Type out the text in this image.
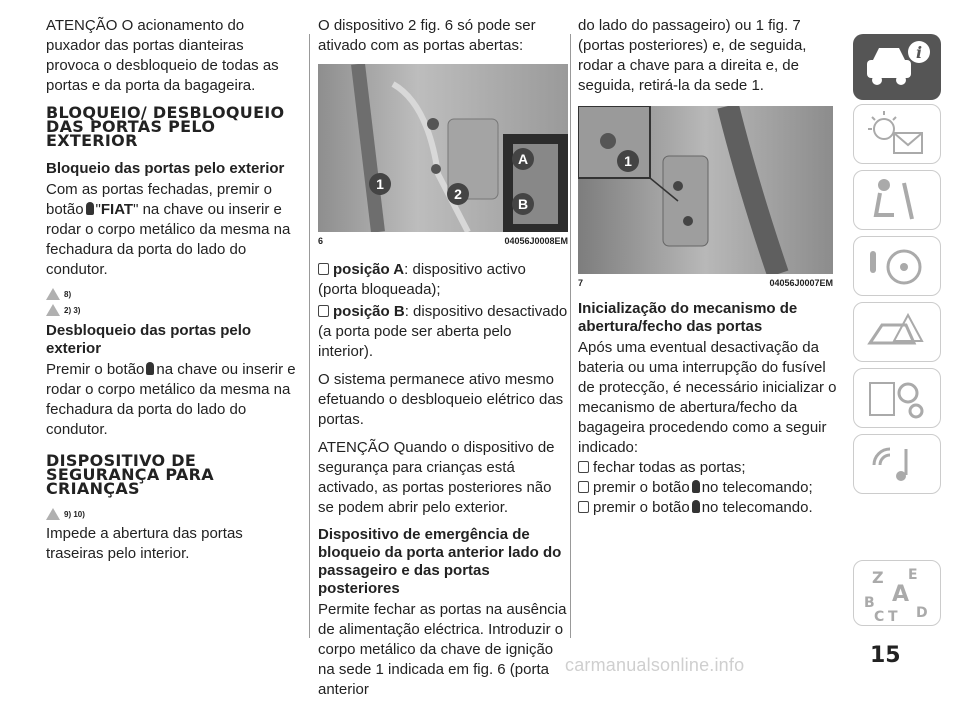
ATENÇÃO O acionamento do puxador das portas dianteiras provoca o desbloqueio de todas as portas e da porta da bagageira.

BLOQUEIO/ DESBLOQUEIO DAS PORTAS PELO EXTERIOR
Bloqueio das portas pelo exterior

Com as portas fechadas, premir o botão "FIAT" na chave ou inserir e rodar o corpo metálico da mesma na fechadura da porta do lado do condutor.

8)
2) 3)
Desbloqueio das portas pelo exterior

Premir o botão na chave ou inserir e rodar o corpo metálico da mesma na fechadura da porta do lado do condutor.

DISPOSITIVO DE SEGURANÇA PARA CRIANÇAS
9) 10)

Impede a abertura das portas traseiras pelo interior.

O dispositivo 2 fig. 6 só pode ser ativado com as portas abertas:

1
2
A
B
6	04056J0008EM

posição A: dispositivo activo (porta bloqueada);

posição B: dispositivo desactivado (a porta pode ser aberta pelo interior).

O sistema permanece ativo mesmo efetuando o desbloqueio elétrico das portas.

ATENÇÃO Quando o dispositivo de segurança para crianças está activado, as portas posteriores não se podem abrir pelo exterior.

Dispositivo de emergência de bloqueio da porta anterior lado do passageiro e das portas posteriores

Permite fechar as portas na ausência de alimentação eléctrica. Introduzir o corpo metálico da chave de ignição na sede 1 indicada em fig. 6 (porta anterior

do lado do passageiro) ou 1 fig. 7 (portas posteriores) e, de seguida, rodar a chave para a direita e, de seguida, retirá-la da sede 1.

1
7	04056J0007EM
Inicialização do mecanismo de abertura/fecho das portas

Após uma eventual desactivação da bateria ou uma interrupção do fusível de protecção, é necessário inicializar o mecanismo de abertura/fecho da bagageira procedendo como a seguir indicado:

fechar todas as portas;

premir o botão no telecomando;

premir o botão no telecomando.

i
Z E
A
B
C T D
15
carmanualsonline.info
